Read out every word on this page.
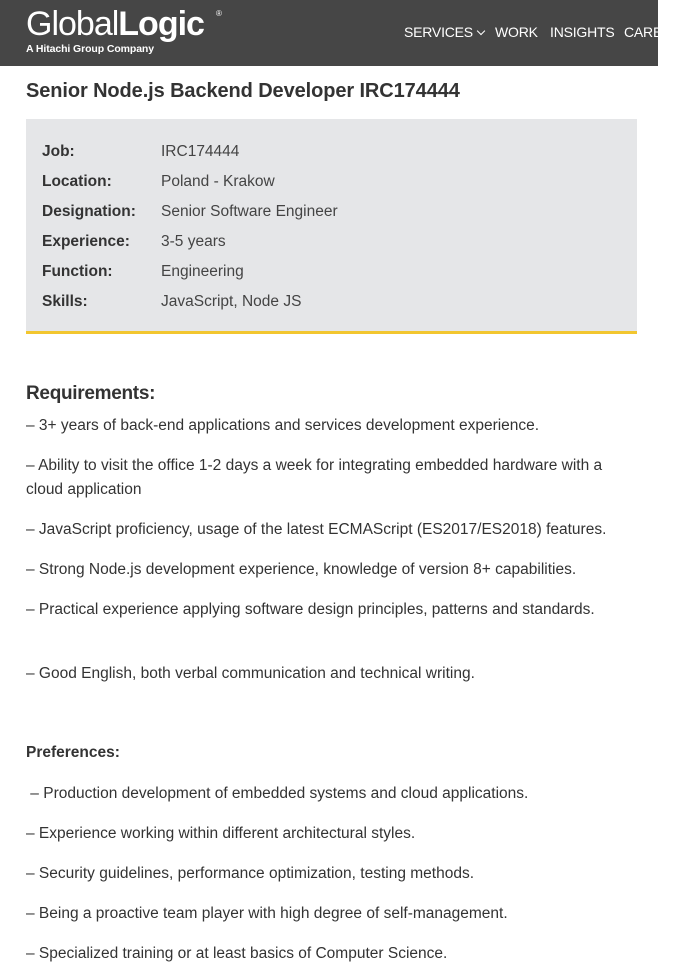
GlobalLogic ®
A Hitachi Group Company
SERVICES	WORK INSIGHTS CAREERS
Senior Node.js Backend Developer IRC174444
Job:	IRC174444
Location:	Poland - Krakow
Designation: Senior Software Engineer
Experience: 3-5 years
Function:	Engineering
Skills:	JavaScript, Node JS
Requirements:

– 3+ years of back-end applications and services development experience.

– Ability to visit the office 1-2 days a week for integrating embedded hardware with a cloud application

– JavaScript proficiency, usage of the latest ECMAScript (ES2017/ES2018) features.

– Strong Node.js development experience, knowledge of version 8+ capabilities.

– Practical experience applying software design principles, patterns and standards.

– Good English, both verbal communication and technical writing.

Preferences:

– Production development of embedded systems and cloud applications.

– Experience working within different architectural styles.

– Security guidelines, performance optimization, testing methods.

– Being a proactive team player with high degree of self-management.

– Specialized training or at least basics of Computer Science.
